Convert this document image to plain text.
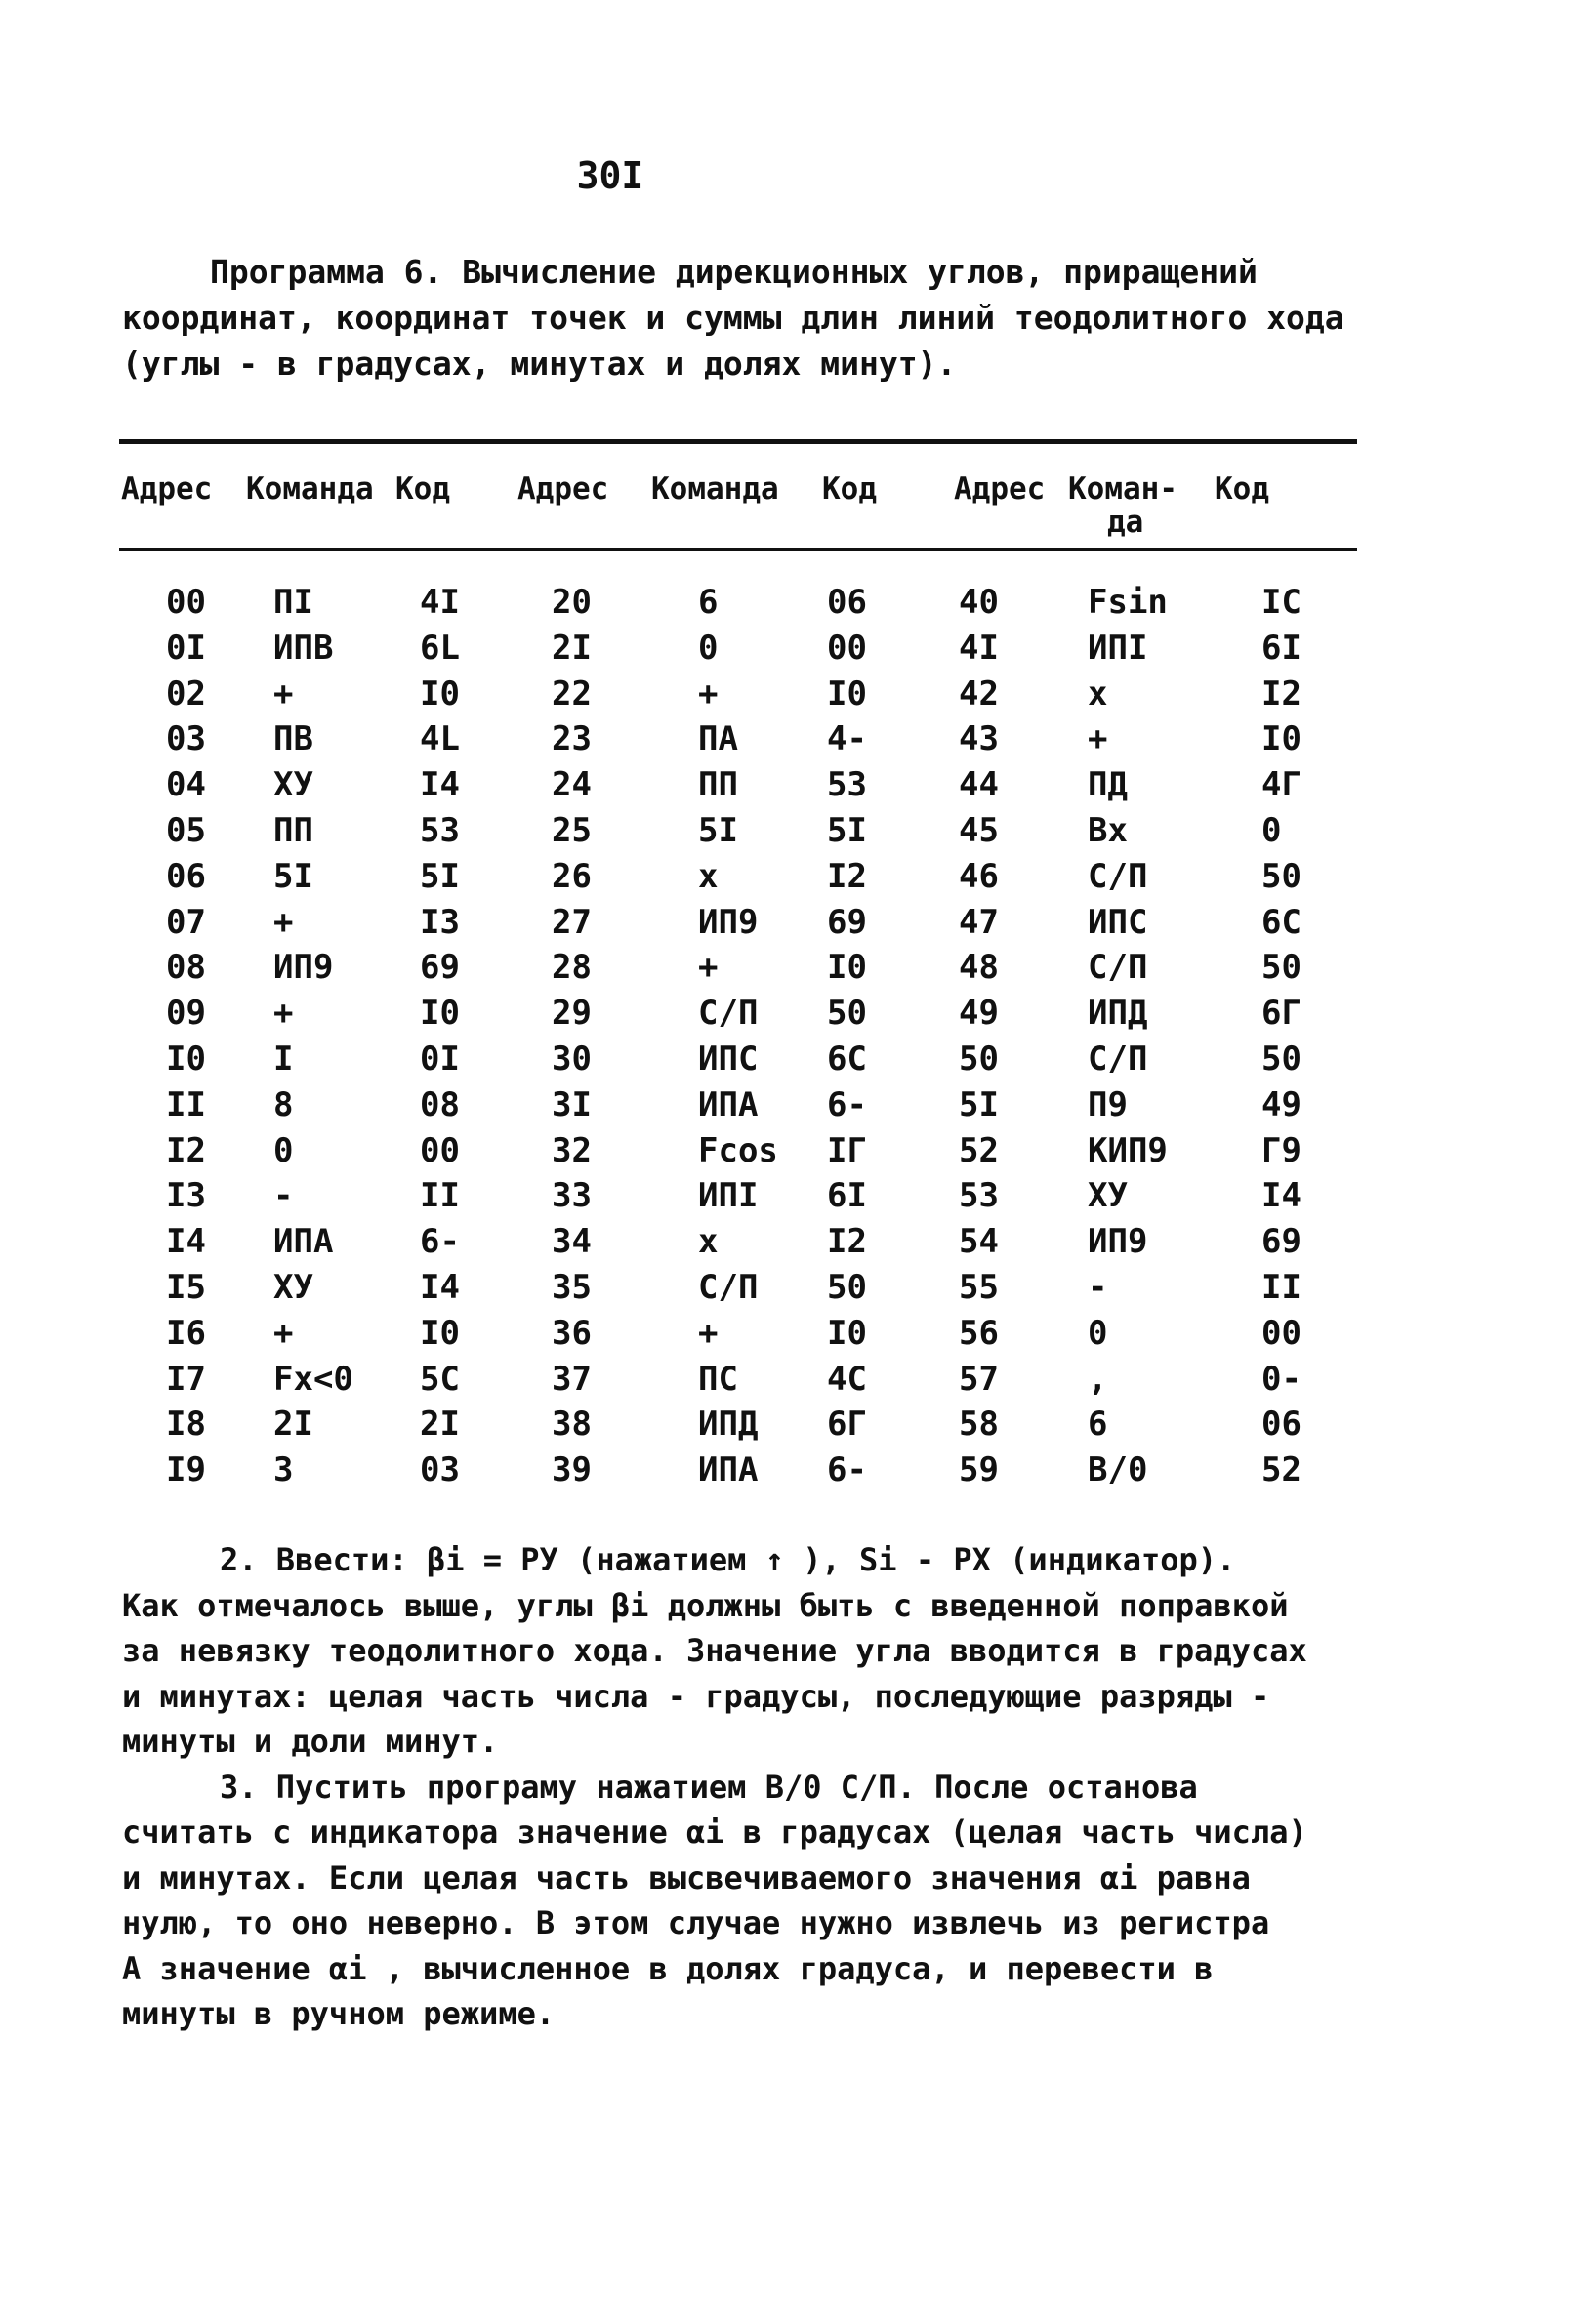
30I

Программа 6. Вычисление дирекционных углов, приращений

координат, координат точек и суммы длин линий теодолитного хода

(углы - в градусах, минутах и долях минут).

Адрес Команда Код Адрес Команда Код	Адрес Коман-
да
Код
00 ПI	4I	20	6	06	40	Fsin	IC
0I ИПВ	6L	2I	0	00	4I	ИПI	6I
02 +	I0	22	+	I0	42	x	I2
03 ПВ	4L	23	ПА	4-	43	+	I0
04 XУ	I4	24	ПП	53	44	ПД	4Г
05 ПП	53	25	5I	5I	45	Вх	0
06 5I	5I	26	x	I2	46	С/П	50
07 +	I3	27	ИП9 69	47	ИПС	6C
08 ИП9	69	28	+	I0	48	С/П	50
09 +	I0	29	С/П 50	49	ИПД	6Г
I0 I	0I	30	ИПС 6C	50	С/П	50
II 8	08	3I	ИПА 6-	5I	П9	49
I2 0	00	32	Fcos IГ	52	КИП9	Г9
I3 -	II	33	ИПI 6I	53	XУ	I4
I4 ИПА	6-	34	x	I2	54	ИП9	69
I5 XУ	I4	35	С/П 50	55	-	II
I6 +	I0	36	+	I0	56	0	00
I7 Fx<0 5C	37	ПС	4C	57	,	0-
I8 2I	2I	38	ИПД 6Г	58	6	06
I9 3	03	39	ИПА 6-	59	В/0	52

2. Ввести: βi = РУ (нажатием ↑ ), Si - РХ (индикатор).

Как отмечалось выше, углы βi должны быть с введенной поправкой

за невязку теодолитного хода. Значение угла вводится в градусах

и минутах: целая часть числа - градусы, последующие разряды -

минуты и доли минут.

3. Пустить програму нажатием В/0 С/П. После останова

считать с индикатора значение αi в градусах (целая часть числа)

и минутах. Если целая часть высвечиваемого значения αi равна

нулю, то оно неверно. В этом случае нужно извлечь из регистра

А значение αi , вычисленное в долях градуса, и перевести в

минуты в ручном режиме.
